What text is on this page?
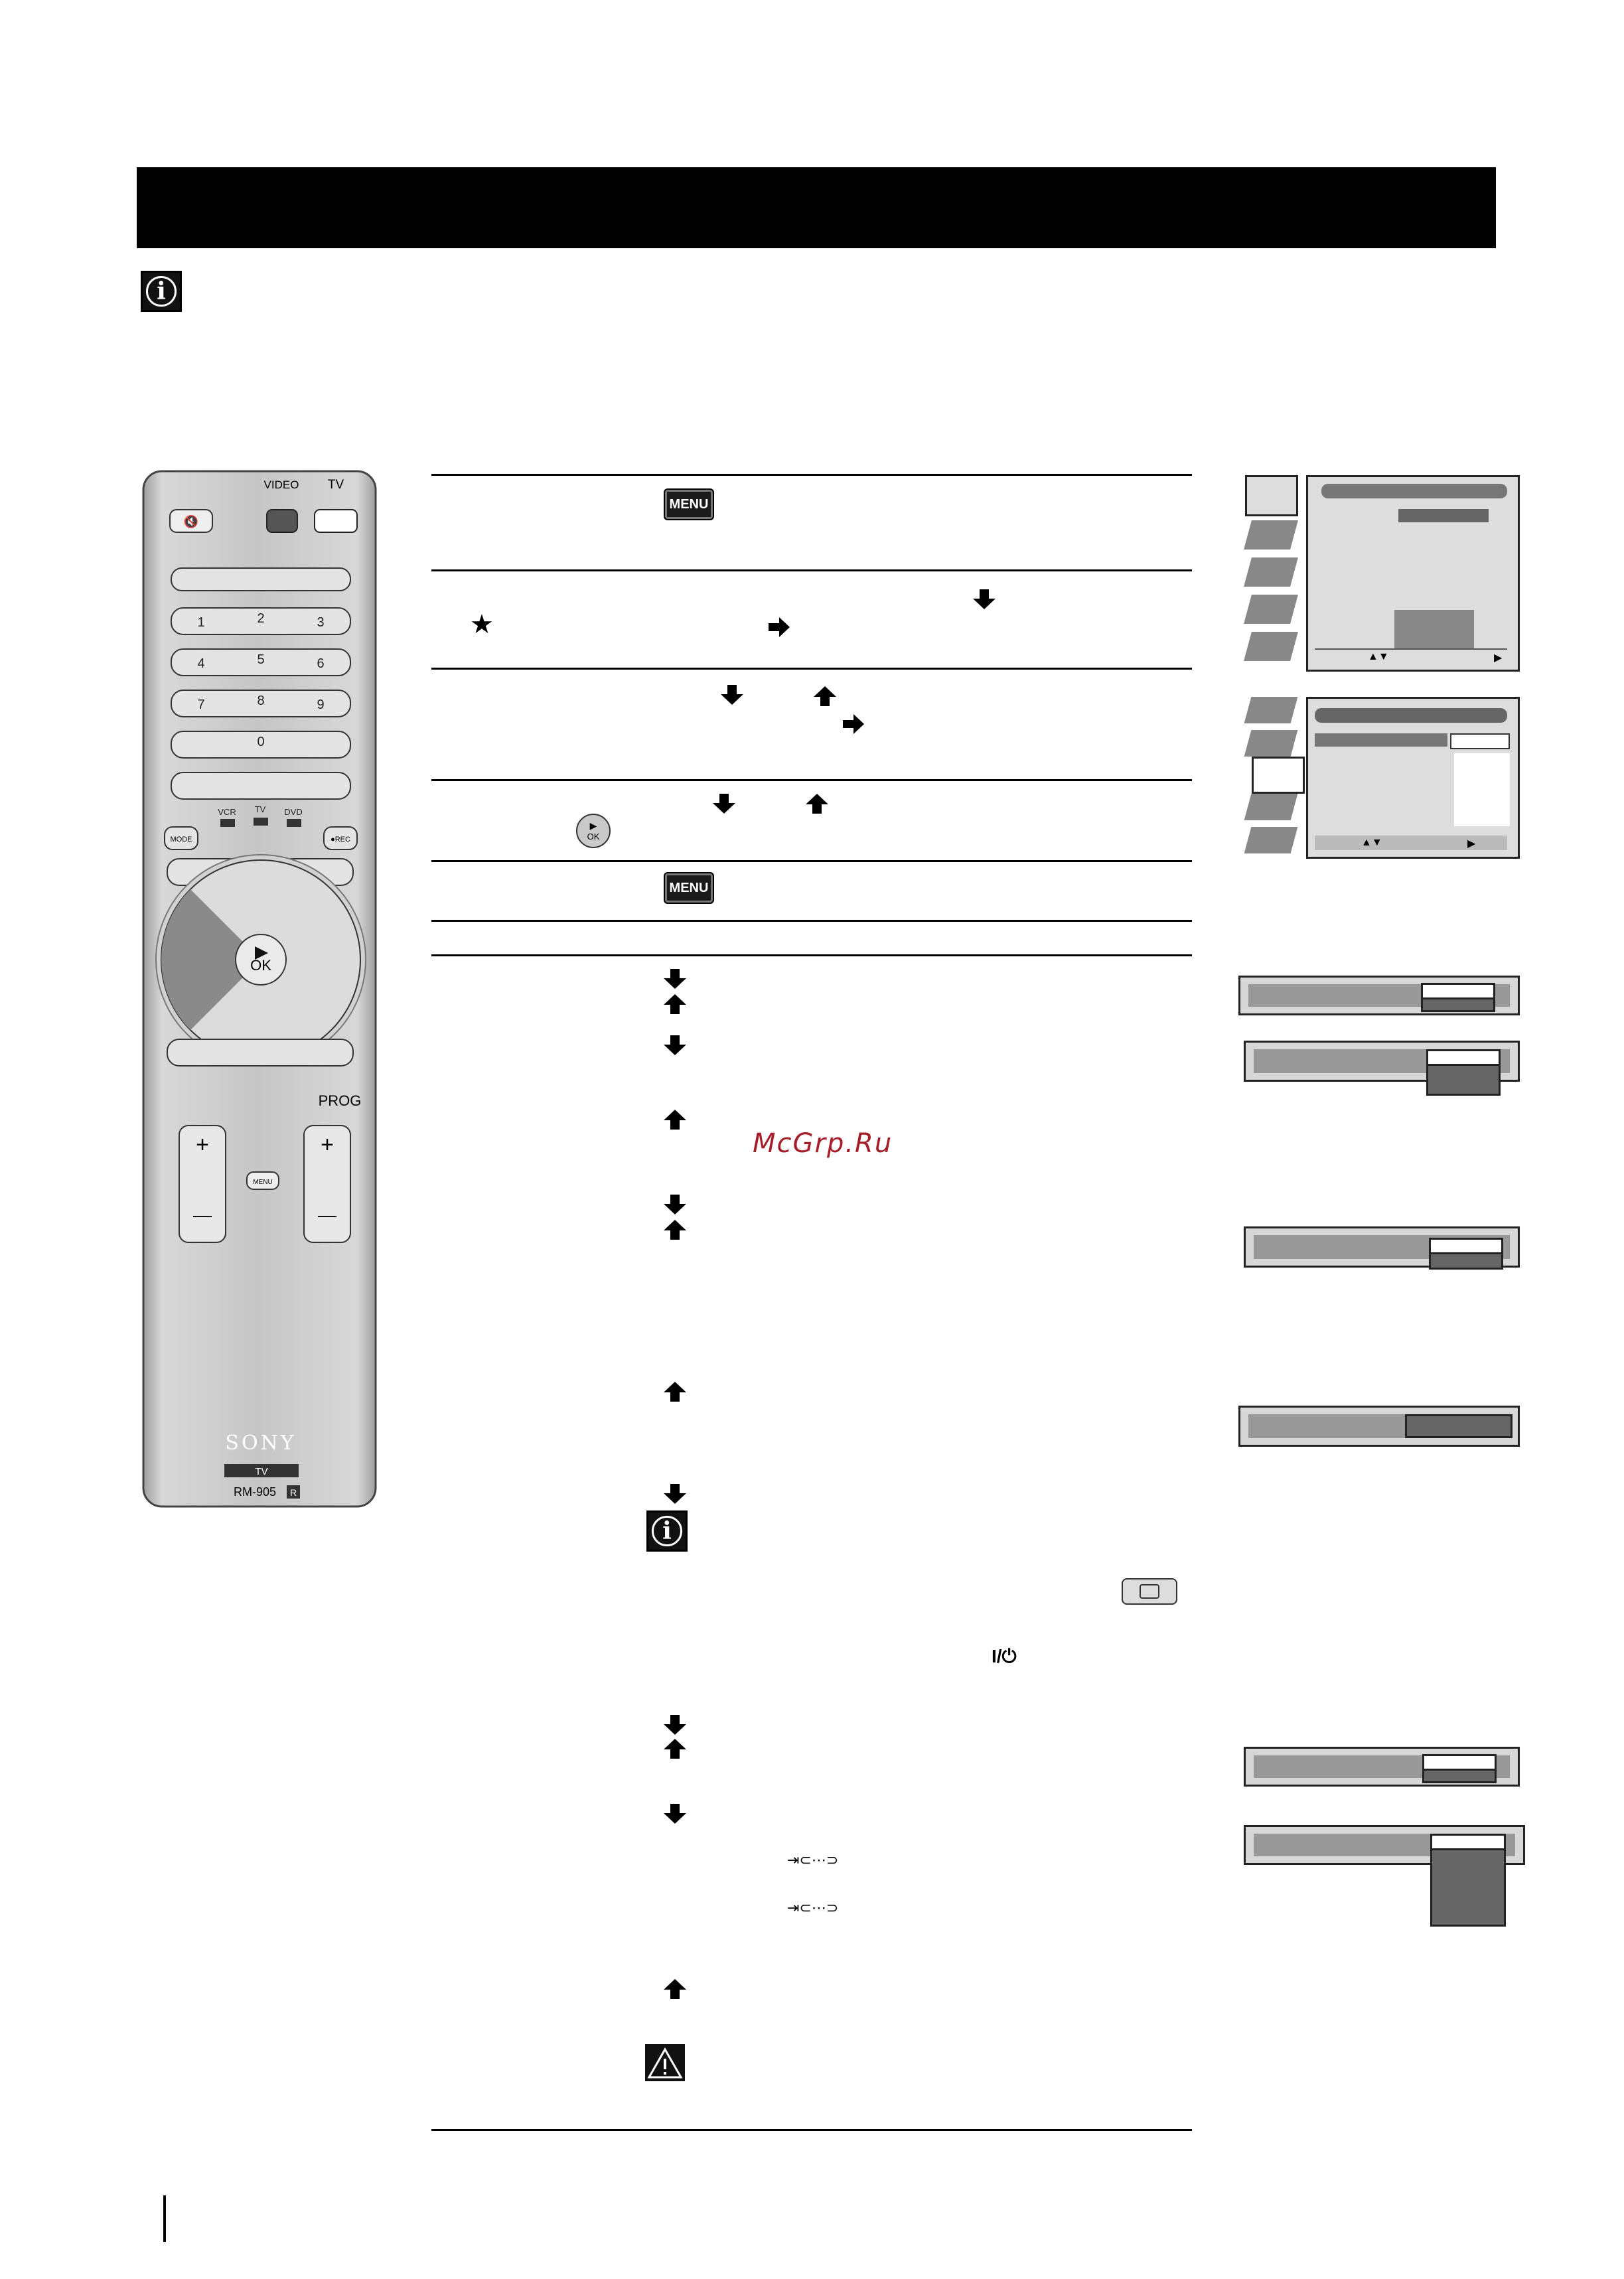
i
🔇
VIDEO TV
1	2	3
4	5	6
7	8	9
0
VCR TV DVD
MODE	●REC
OK
PROG
+	+
—	—
MENU
SONY
TV
RM-905 R
MENU
MENU
★
▶
OK
McGrp.Ru
i
I/⏻
⇥⊂⋯⊃
⇥⊂⋯⊃
▲▼	▶
▲▼	▶
